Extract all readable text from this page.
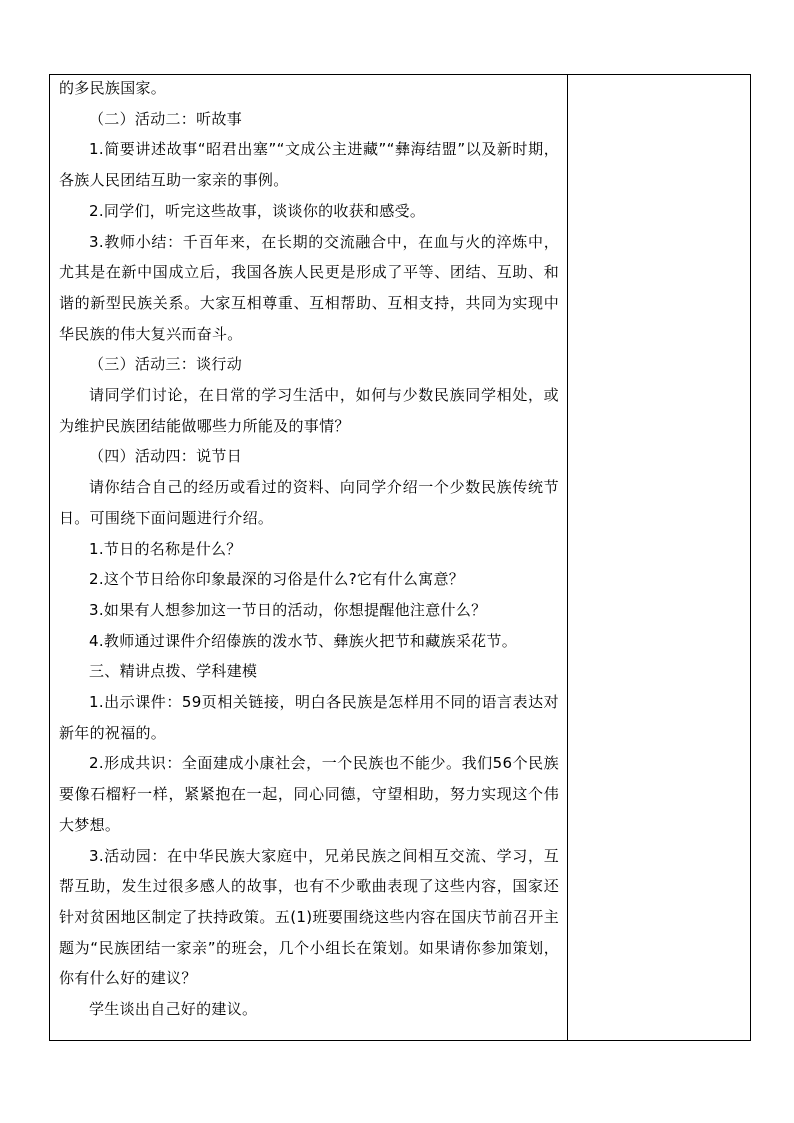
的多民族国家。

（二）活动二：听故事

1.简要讲述故事“昭君出塞”“文成公主进藏”“彝海结盟”以及新时期，各族人民团结互助一家亲的事例。

2.同学们，听完这些故事，谈谈你的收获和感受。

3.教师小结：千百年来，在长期的交流融合中，在血与火的淬炼中，尤其是在新中国成立后，我国各族人民更是形成了平等、团结、互助、和谐的新型民族关系。大家互相尊重、互相帮助、互相支持，共同为实现中华民族的伟大复兴而奋斗。

（三）活动三：谈行动

请同学们讨论，在日常的学习生活中，如何与少数民族同学相处，或为维护民族团结能做哪些力所能及的事情？

（四）活动四：说节日

请你结合自己的经历或看过的资料、向同学介绍一个少数民族传统节日。可围绕下面问题进行介绍。

1.节日的名称是什么？

2.这个节日给你印象最深的习俗是什么?它有什么寓意？

3.如果有人想参加这一节日的活动，你想提醒他注意什么？

4.教师通过课件介绍傣族的泼水节、彝族火把节和藏族采花节。

三、精讲点拨、学科建模

1.出示课件：59页相关链接，明白各民族是怎样用不同的语言表达对新年的祝福的。

2.形成共识：全面建成小康社会，一个民族也不能少。我们56个民族要像石榴籽一样，紧紧抱在一起，同心同德，守望相助，努力实现这个伟大梦想。

3.活动园：在中华民族大家庭中，兄弟民族之间相互交流、学习，互帮互助，发生过很多感人的故事，也有不少歌曲表现了这些内容，国家还针对贫困地区制定了扶持政策。五(1)班要围绕这些内容在国庆节前召开主题为“民族团结一家亲”的班会，几个小组长在策划。如果请你参加策划，你有什么好的建议？

学生谈出自己好的建议。
